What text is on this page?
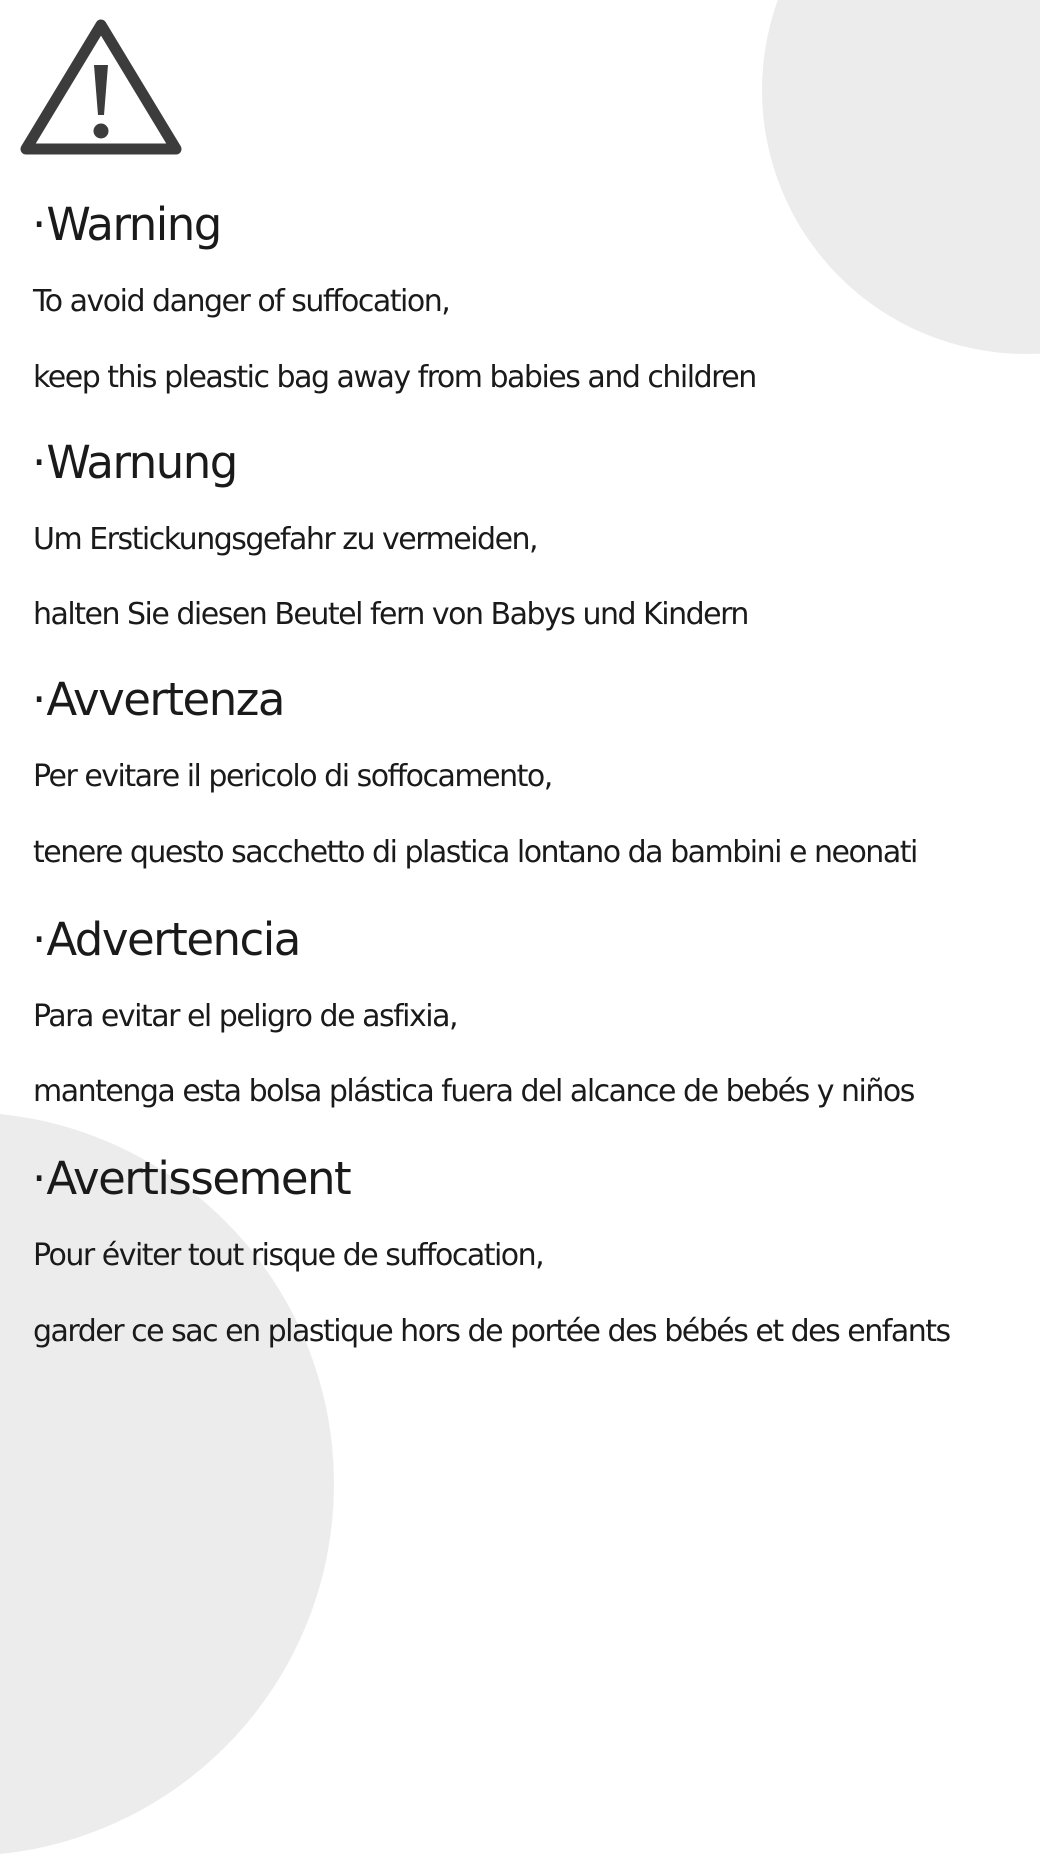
·Warning

To avoid danger of suffocation,

keep this pleastic bag away from babies and children

·Warnung

Um Erstickungsgefahr zu vermeiden,

halten Sie diesen Beutel fern von Babys und Kindern

·Avvertenza

Per evitare il pericolo di soffocamento,

tenere questo sacchetto di plastica lontano da bambini e neonati

·Advertencia

Para evitar el peligro de asfixia,

mantenga esta bolsa plástica fuera del alcance de bebés y niños

·Avertissement

Pour éviter tout risque de suffocation,

garder ce sac en plastique hors de portée des bébés et des enfants
